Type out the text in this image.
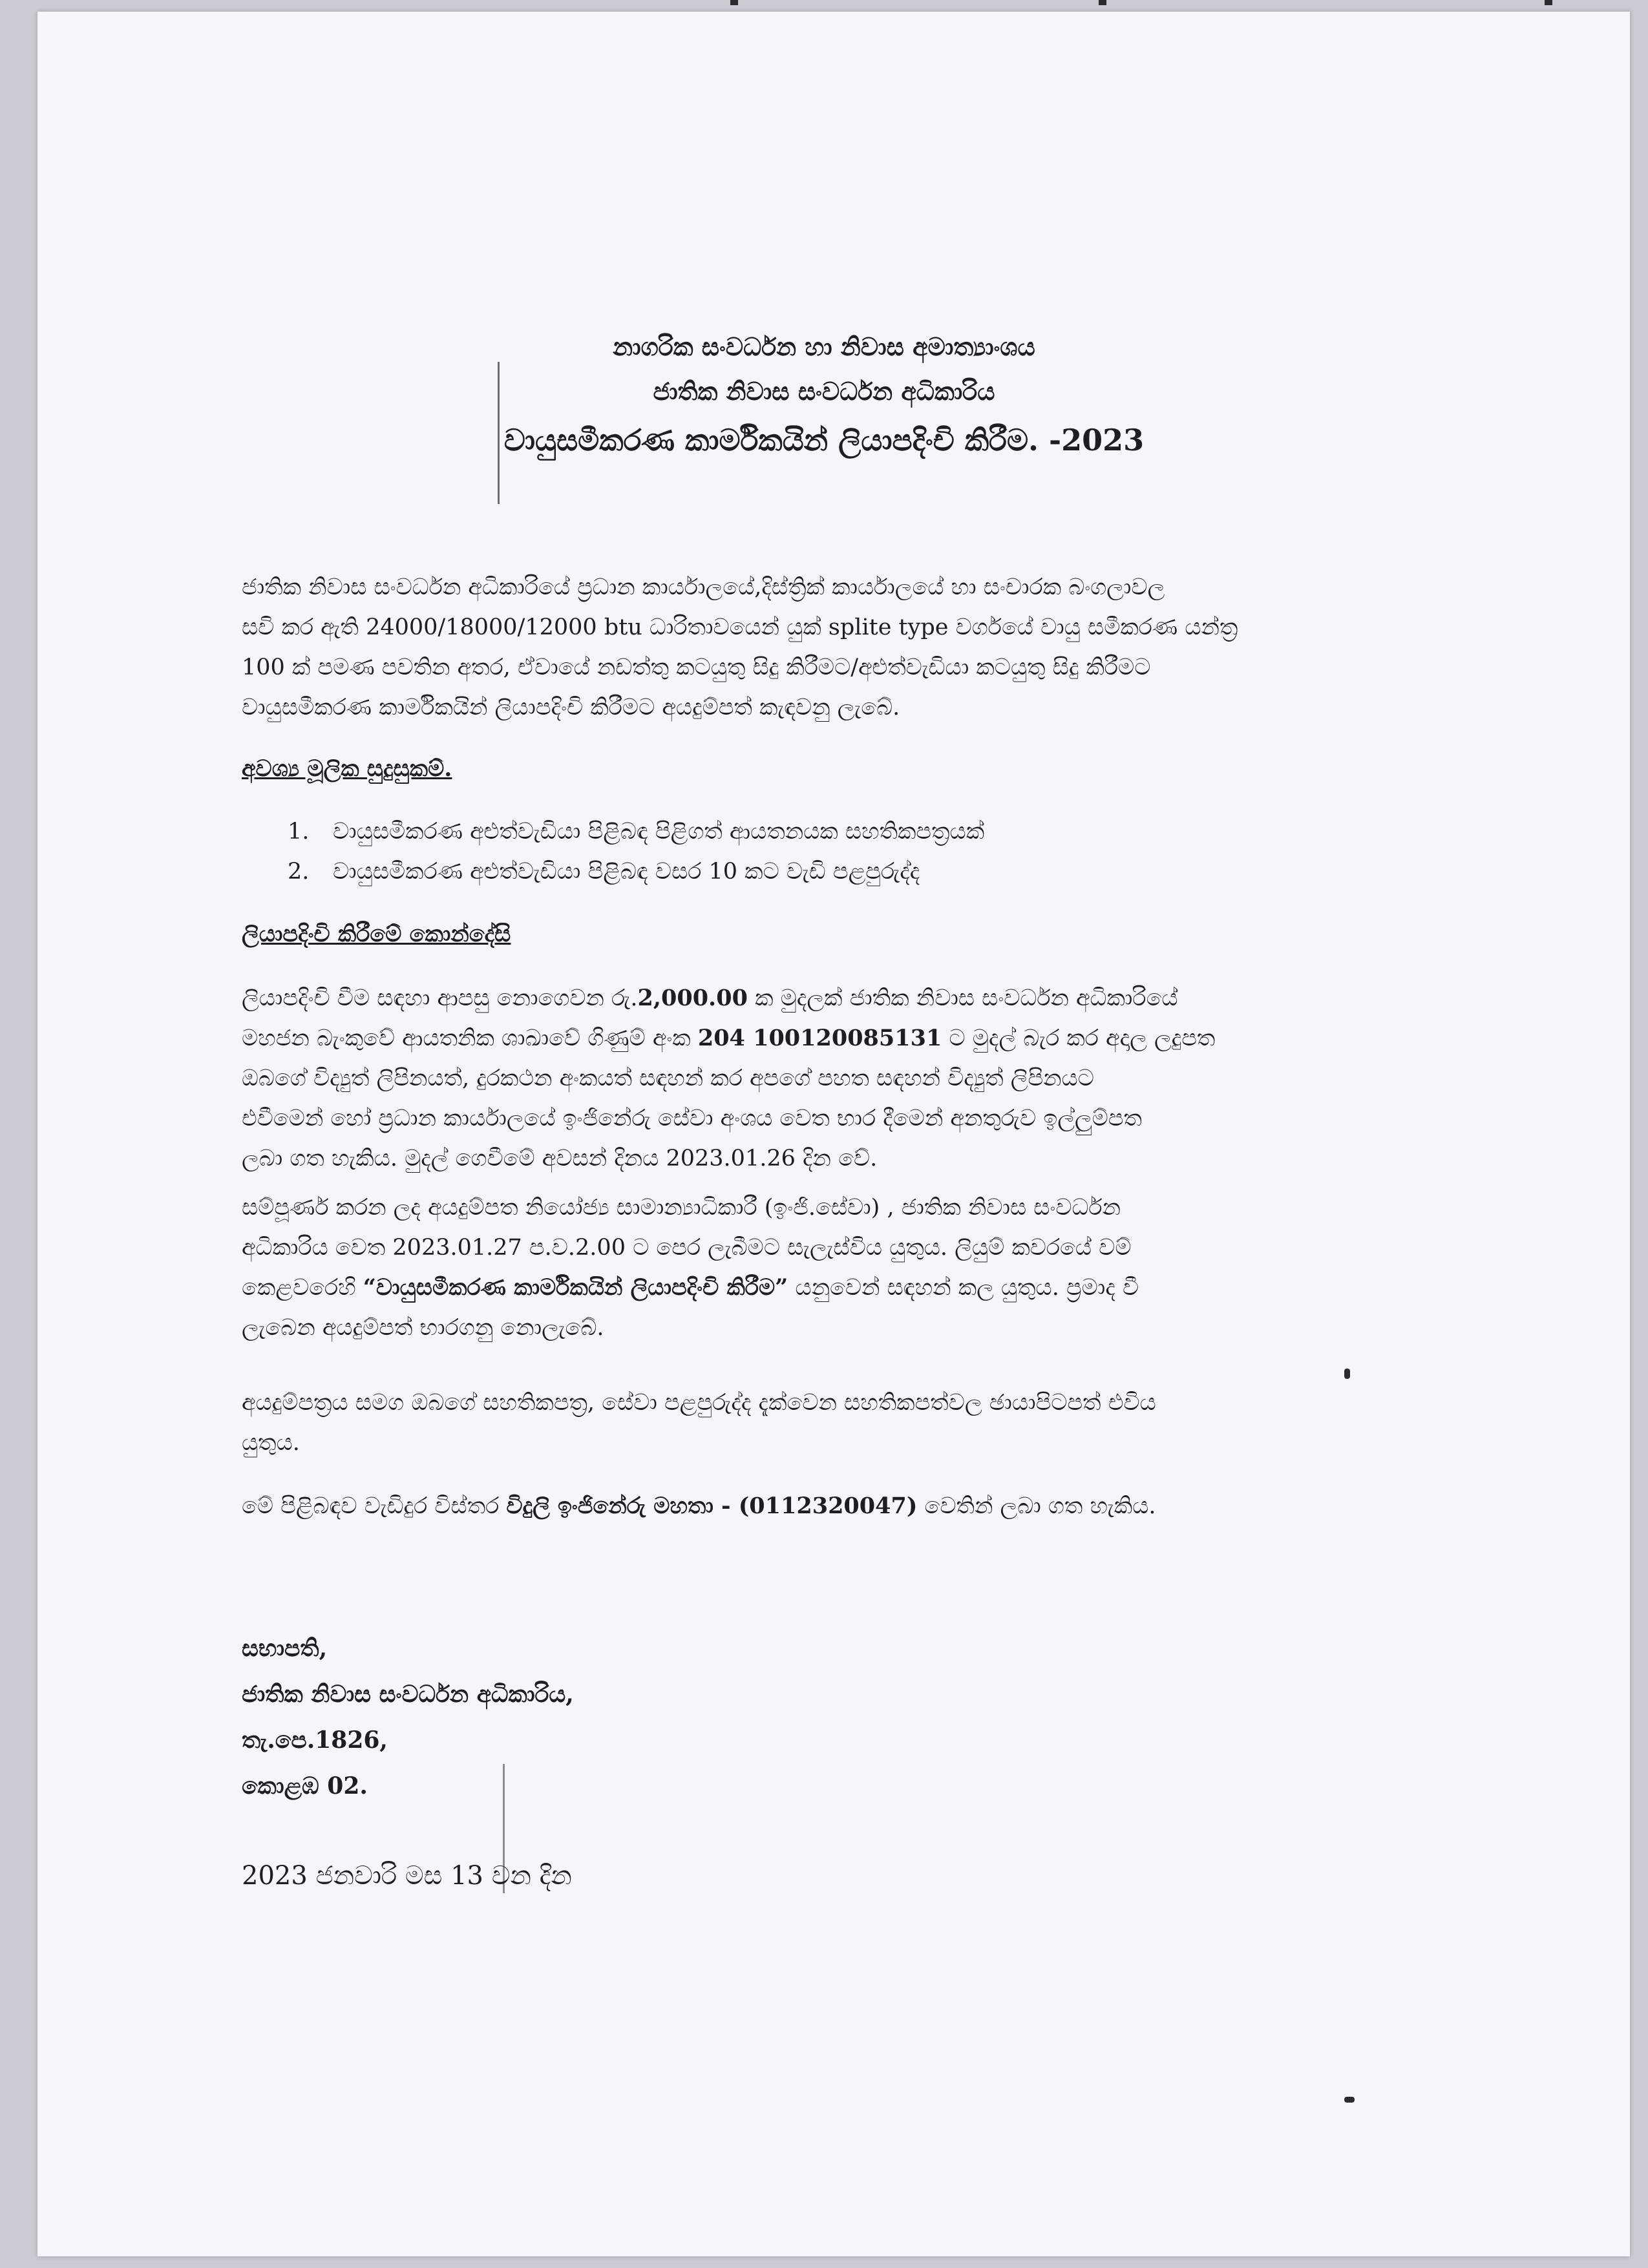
නාගරික සංවර්ධන හා නිවාස අමාත්‍යාංශය
ජාතික නිවාස සංවර්ධන අධිකාරිය
වායුසමීකරණ කාර්මිකයින් ලියාපදිංචි කිරීම. -2023
ජාතික නිවාස සංවර්ධන අධිකාරියේ ප්‍රධාන කාර්යාලයේ,දිස්ත්‍රික් කාර්යාලයේ හා සංචාරක බංගලාවල
සවි කර ඇති 24000/18000/12000 btu ධාරිතාවයෙන් යුක් splite type වර්ගයේ වායු සමීකරණ යන්ත්‍ර
100 ක් පමණ පවතින අතර, ඒවායේ නඩත්තු කටයුතු සිදු කිරීමට/අළුත්වැඩියා කටයුතු සිදු කිරීමට
වායුසමීකරණ කාර්මිකයින් ලියාපදිංචි කිරීමට අයදුම්පත් කැඳවනු ලැබේ.
අවශ්‍ය මූලික සුදුසුකම්.
1. වායුසමීකරණ අළුත්වැඩියා පිළිබඳ පිළිගත් ආයතනයක සහතිකපත්‍රයක්
2. වායුසමීකරණ අළුත්වැඩියා පිළිබඳ වසර 10 කට වැඩි පළපුරුද්ද
ලියාපදිංචි කිරීමේ කොන්දේසි
ලියාපදිංචි වීම සඳහා ආපසු නොගෙවන රු.2,000.00 ක මුදලක් ජාතික නිවාස සංවර්ධන අධිකාරියේ
මහජන බැංකුවේ ආයතනික ශාඛාවේ ගිණුම් අංක 204 100120085131 ට මුදල් බැර කර අදාල ලදුපත
ඔබගේ විද්‍යුත් ලිපිනයත්, දුරකථන අංකයත් සඳහන් කර අපගේ පහත සඳහන් විද්‍යුත් ලිපිනයට
එවීමෙන් හෝ ප්‍රධාන කාර්යාලයේ ඉංජිනේරු සේවා අංශය වෙත භාර දීමෙන් අනතුරුව ඉල්ලුම්පත
ලබා ගත හැකිය. මුදල් ගෙවීමේ අවසන් දිනය 2023.01.26 දින වේ.
සම්පූර්ණ කරන ලද අයදුම්පත නියෝජ්‍ය සාමාන්‍යාධිකාරී (ඉංජි.සේවා) , ජාතික නිවාස සංවර්ධන
අධිකාරිය වෙත 2023.01.27 ප.ව.2.00 ට පෙර ලැබීමට සැලැස්විය යුතුය. ලියුම් කවරයේ වම්
කෙළවරෙහි “වායුසමීකරණ කාර්මිකයින් ලියාපදිංචි කිරීම” යනුවෙන් සඳහන් කල යුතුය. ප්‍රමාද වී
ලැබෙන අයදුම්පත් භාරගනු නොලැබේ.
අයදුම්පත්‍රය සමග ඔබගේ සහතිකපත්‍ර, සේවා පළපුරුද්ද දැක්වෙන සහතිකපත්වල ඡායාපිටපත් එවිය
යුතුය.
මේ පිළිබඳව වැඩිදුර විස්තර විදුලි ඉංජිනේරු මහතා - (0112320047) වෙතින් ලබා ගත හැකිය.
සභාපති,
ජාතික නිවාස සංවර්ධන අධිකාරිය,
තැ.පෙ.1826,
කොළඹ 02.
2023 ජනවාරි මස 13 වන දින
